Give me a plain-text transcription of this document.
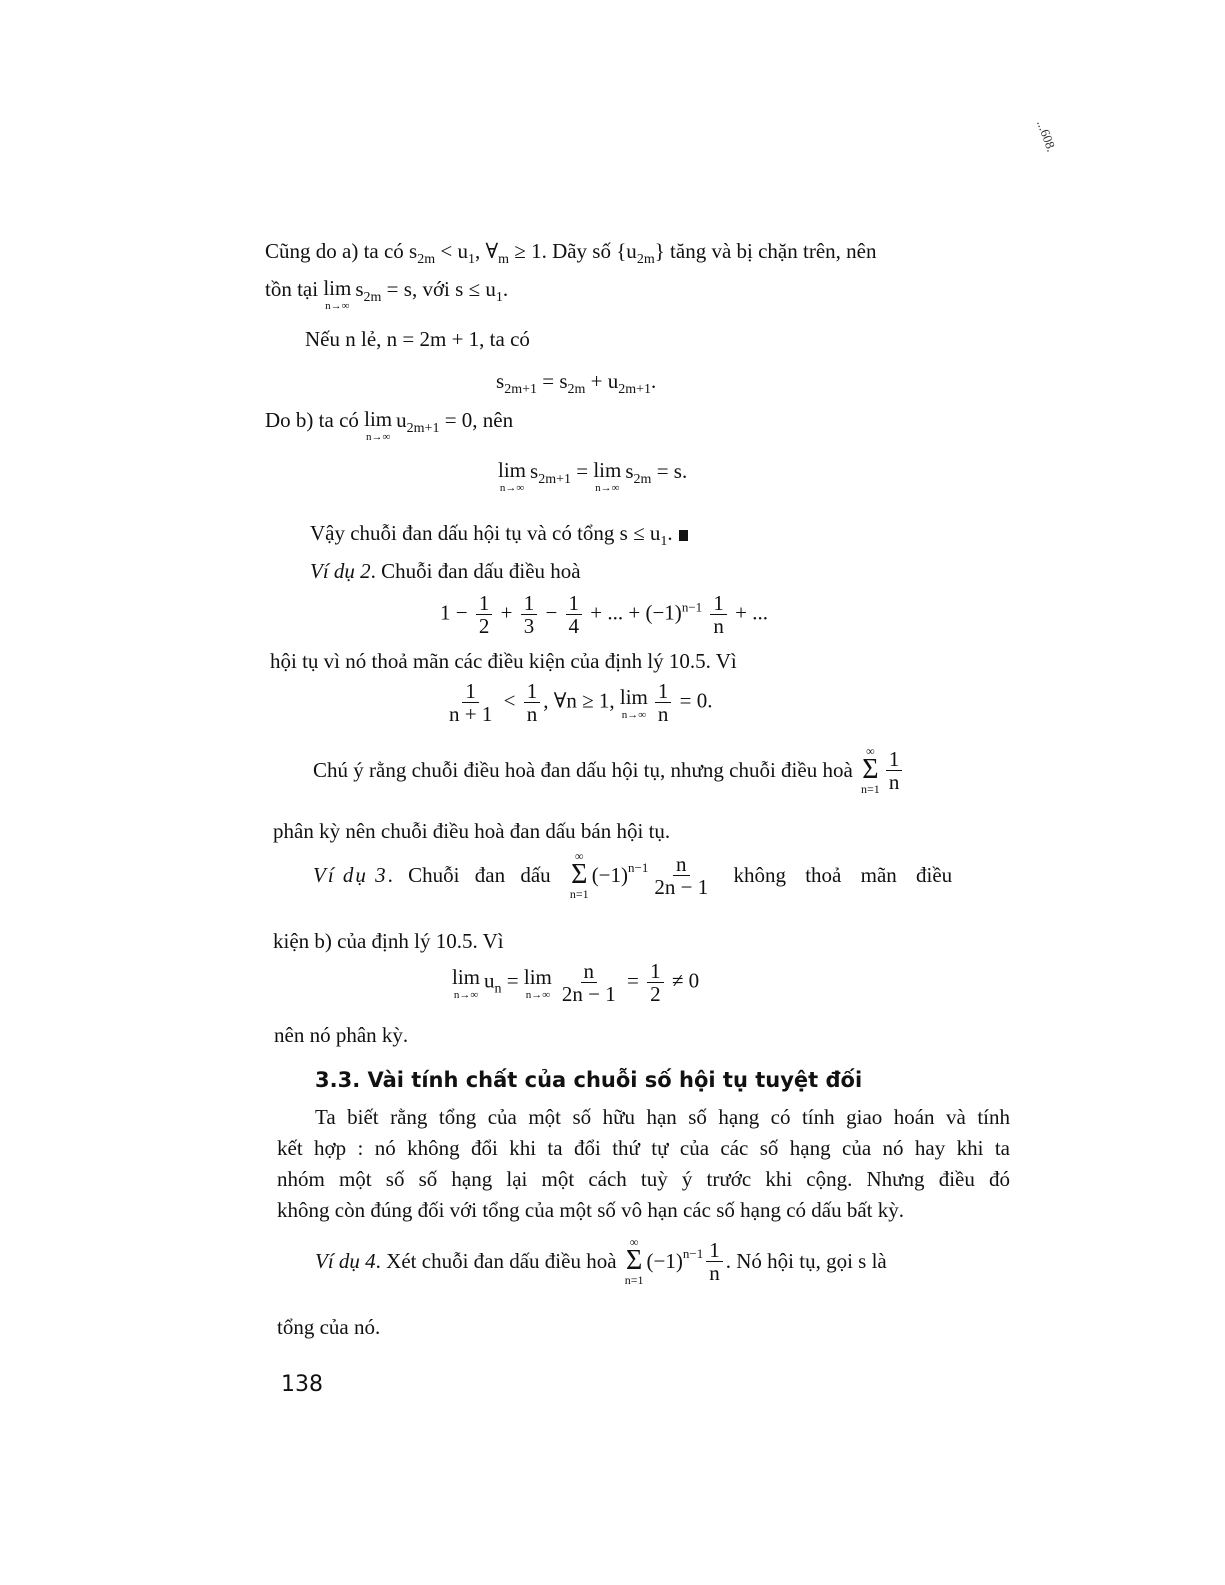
...608.
Cũng do a) ta có $s_{2m} < u_1$, $\forall_m \ge 1$. Dãy số $\{u_{2m}\}$ tăng và bị chặn trên, nên
tồn tại lim
n→∞
$s_{2m} = s$, với $s \le u_1$.
Nếu n lẻ, n = 2m + 1, ta có
$s_{2m+1} = s_{2m} + u_{2m+1}$.
Do b) ta có lim
n→∞
$u_{2m+1} = 0$, nên
lim
n→∞
$s_{2m+1} = \lim$
n→∞
$s_{2m} = s$.
Vậy chuỗi đan dấu hội tụ và có tổng $s \le u_1$.
Ví dụ 2. Chuỗi đan dấu điều hoà
$1 - \frac{1}{2} + \frac{1}{3} - \frac{1}{4}$ + ... + $(-1)^{n-1} \frac{1}{n}$ + ...
hội tụ vì nó thoả mãn các điều kiện của định lý 10.5. Vì
$\frac{1}{n + 1} < \frac{1}{n}$ , ∀n ≥ 1, lim
$n\to\infty \frac{1}{n} = 0$.
Chú ý rằng chuỗi điều hoà đan dấu hội tụ, nhưng chuỗi điều hoà
∞
Σ
$n=1 \frac{1}{n}$
phân kỳ nên chuỗi điều hoà đan dấu bán hội tụ.
Ví dụ 3. Chuỗi đan dấu
∞
Σ
n=1
$(-1)^{n-1} \frac{n}{2n - 1}$ không thoả mãn điều
kiện b) của định lý 10.5. Vì
lim
n→∞
$u_n = \lim$
$n\to\infty \frac{n}{2n - 1} = \frac{1}{2} \ne 0$
nên nó phân kỳ.
3.3. Vài tính chất của chuỗi số hội tụ tuyệt đối
Ta biết rằng tổng của một số hữu hạn số hạng có tính giao hoán và tính
kết hợp : nó không đổi khi ta đổi thứ tự của các số hạng của nó hay khi ta
nhóm một số số hạng lại một cách tuỳ ý trước khi cộng. Nhưng điều đó
không còn đúng đối với tổng của một số vô hạn các số hạng có dấu bất kỳ.
Ví dụ 4. Xét chuỗi đan dấu điều hoà
∞
Σ
n=1
$(-1)^{n-1} \frac{1}{n}$ . Nó hội tụ, gọi s là
tổng của nó.
138
